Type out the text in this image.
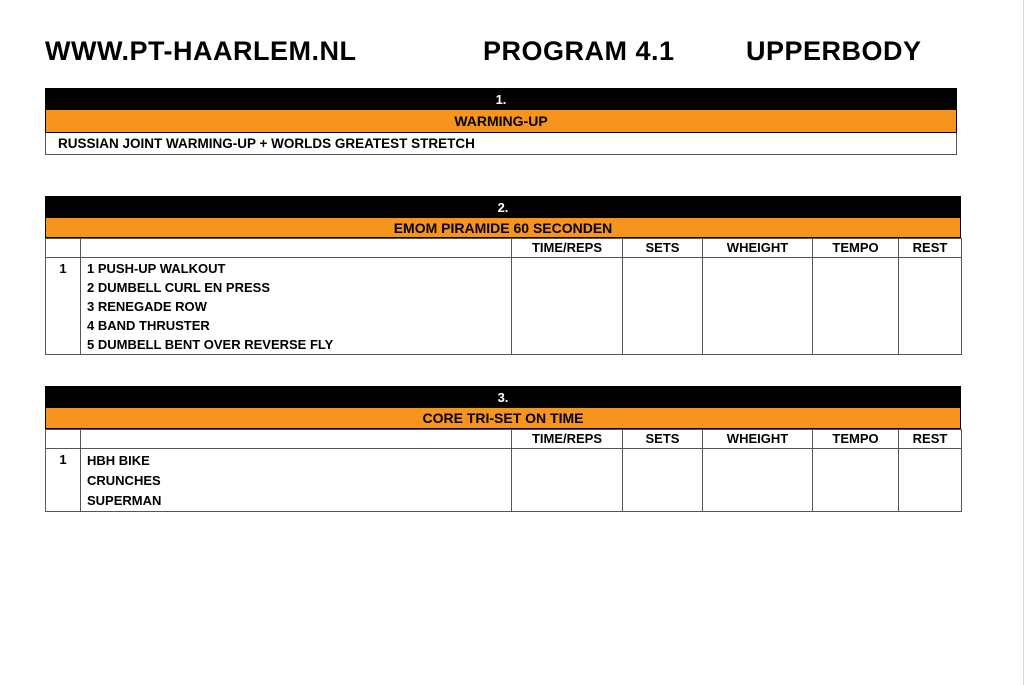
WWW.PT-HAARLEM.NL	PROGRAM 4.1	UPPERBODY
1.
WARMING-UP
RUSSIAN JOINT WARMING-UP + WORLDS GREATEST STRETCH
2.
EMOM PIRAMIDE 60 SECONDEN
		TIME/REPS	SETS	WHEIGHT	TEMPO	REST
1	1 PUSH-UP WALKOUT
2 DUMBELL CURL EN PRESS
3 RENEGADE ROW
4 BAND THRUSTER
5 DUMBELL BENT OVER REVERSE FLY					

3.
CORE TRI-SET ON TIME
		TIME/REPS	SETS	WHEIGHT	TEMPO	REST
1	HBH BIKE
CRUNCHES
SUPERMAN					
